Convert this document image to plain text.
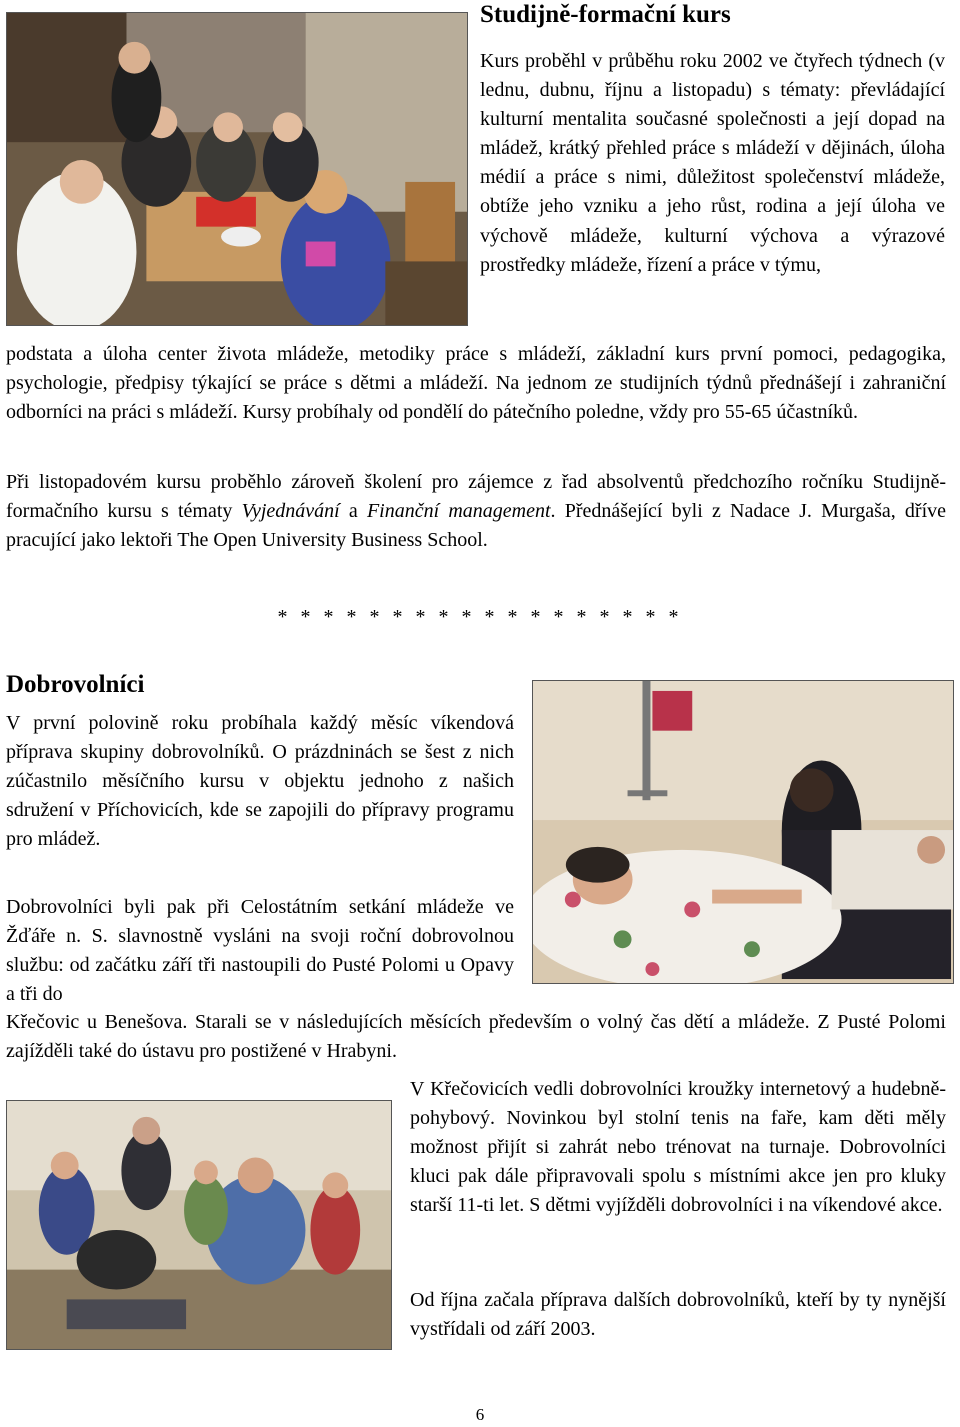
Studijně-formační kurs

Kurs proběhl v průběhu roku 2002 ve čtyřech týdnech (v lednu, dubnu, říjnu a listopadu) s tématy: převládající kulturní mentalita současné společnosti a její dopad na mládež, krátký přehled práce s mládeží v dějinách, úloha médií a práce s nimi, důležitost společenství mládeže, obtíže jeho vzniku a jeho růst, rodina a její úloha ve výchově mládeže, kulturní výchova a výrazové prostředky mládeže, řízení a práce v týmu,

podstata a úloha center života mládeže, metodiky práce s mládeží, základní kurs první pomoci, pedagogika, psychologie, předpisy týkající se práce s dětmi a mládeží. Na jednom ze studijních týdnů přednášejí i zahraniční odborníci na práci s mládeží. Kursy probíhaly od pondělí do pátečního poledne, vždy pro 55-65 účastníků.

Při listopadovém kursu proběhlo zároveň školení pro zájemce z řad absolventů předchozího ročníku Studijně-formačního kursu s tématy Vyjednávání a Finanční management. Přednášející byli z Nadace J. Murgaša, dříve pracující jako lektoři The Open University Business School.

* * * * * * * * * * * * * * * * * *
Dobrovolníci

V první polovině roku probíhala každý měsíc víkendová příprava skupiny dobrovolníků. O prázdninách se šest z nich zúčastnilo měsíčního kursu v objektu jednoho z našich sdružení v Příchovicích, kde se zapojili do přípravy programu pro mládež.

Dobrovolníci byli pak při Celostátním setkání mládeže ve Žďáře n. S. slavnostně vysláni na svoji roční dobrovolnou službu: od začátku září tři nastoupili do Pusté Polomi u Opavy a tři do

Křečovic u Benešova. Starali se v následujících měsících především o volný čas dětí a mládeže. Z Pusté Polomi zajížděli také do ústavu pro postižené v Hrabyni.

V Křečovicích vedli dobrovolníci kroužky internetový a hudebně-pohybový. Novinkou byl stolní tenis na faře, kam děti měly možnost přijít si zahrát nebo trénovat na turnaje. Dobrovolníci kluci pak dále připravovali spolu s místními akce jen pro kluky starší 11-ti let. S dětmi vyjížděli dobrovolníci i na víkendové akce.

Od října začala příprava dalších dobrovolníků, kteří by ty nynější vystřídali od září 2003.

6
